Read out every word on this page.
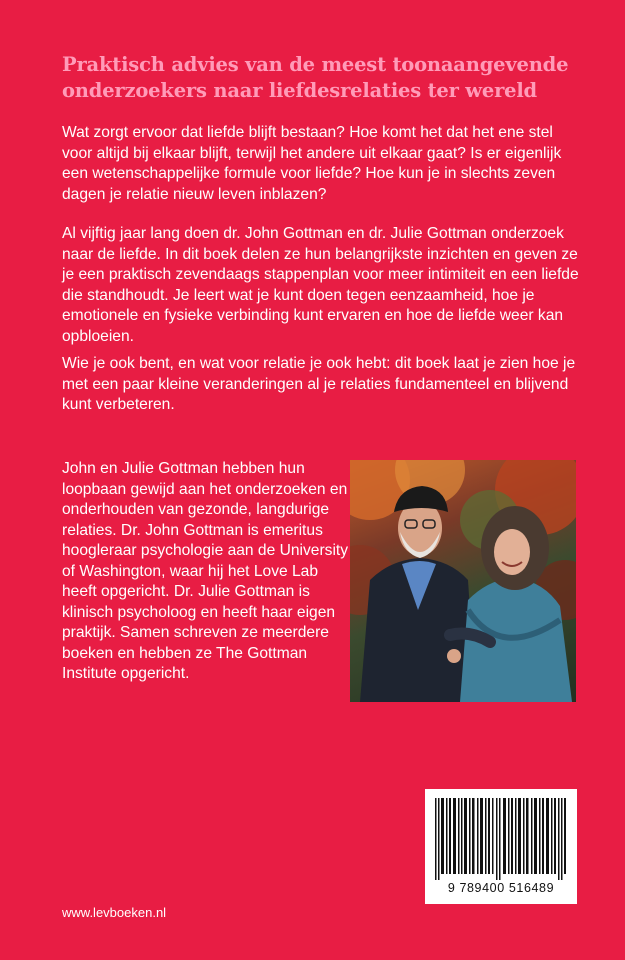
Praktisch advies van de meest toonaangevende onderzoekers naar liefdesrelaties ter wereld
Wat zorgt ervoor dat liefde blijft bestaan? Hoe komt het dat het ene stel voor altijd bij elkaar blijft, terwijl het andere uit elkaar gaat? Is er eigenlijk een wetenschappelijke formule voor liefde? Hoe kun je in slechts zeven dagen je relatie nieuw leven inblazen?
Al vijftig jaar lang doen dr. John Gottman en dr. Julie Gottman onderzoek naar de liefde. In dit boek delen ze hun belangrijkste inzichten en geven ze je een praktisch zevendaags stappenplan voor meer intimiteit en een liefde die standhoudt. Je leert wat je kunt doen tegen eenzaamheid, hoe je emotionele en fysieke verbinding kunt ervaren en hoe de liefde weer kan opbloeien.
Wie je ook bent, en wat voor relatie je ook hebt: dit boek laat je zien hoe je met een paar kleine veranderingen al je relaties fundamenteel en blijvend kunt verbeteren.
John en Julie Gottman hebben hun loopbaan gewijd aan het onderzoeken en onderhouden van gezonde, langdurige relaties. Dr. John Gottman is emeritus hoogleraar psychologie aan de University of Washington, waar hij het Love Lab heeft opgericht. Dr. Julie Gottman is klinisch psycholoog en heeft haar eigen praktijk. Samen schreven ze meerdere boeken en hebben ze The Gottman Institute opgericht.
9 789400 516489
www.levboeken.nl
